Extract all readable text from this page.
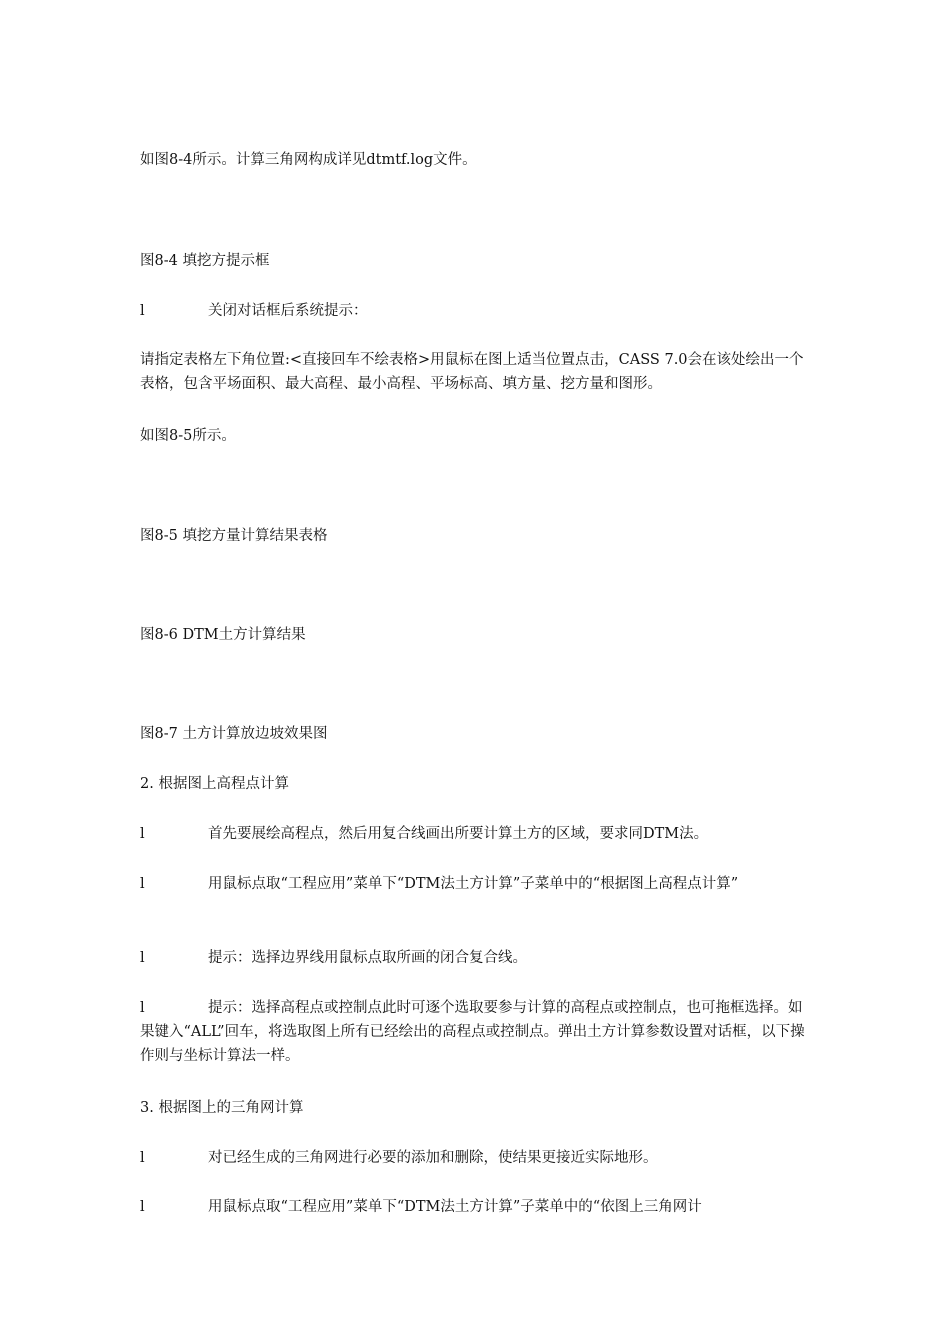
如图8-4所示。计算三角网构成详见dtmtf.log文件。

图8-4 填挖方提示框

l	关闭对话框后系统提示：

请指定表格左下角位置:<直接回车不绘表格>用鼠标在图上适当位置点击，CASS 7.0会在该处绘出一个表格，包含平场面积、最大高程、最小高程、平场标高、填方量、挖方量和图形。

如图8-5所示。

图8-5 填挖方量计算结果表格

图8-6 DTM土方计算结果

图8-7 土方计算放边坡效果图

2. 根据图上高程点计算

l	首先要展绘高程点，然后用复合线画出所要计算土方的区域，要求同DTM法。

l	用鼠标点取“工程应用”菜单下“DTM法土方计算”子菜单中的“根据图上高程点计算”

l	提示：选择边界线用鼠标点取所画的闭合复合线。

l	提示：选择高程点或控制点此时可逐个选取要参与计算的高程点或控制点，也可拖框选择。如果键入“ALL”回车，将选取图上所有已经绘出的高程点或控制点。弹出土方计算参数设置对话框，以下操作则与坐标计算法一样。

3. 根据图上的三角网计算

l	对已经生成的三角网进行必要的添加和删除，使结果更接近实际地形。

l	用鼠标点取“工程应用”菜单下“DTM法土方计算”子菜单中的“依图上三角网计
